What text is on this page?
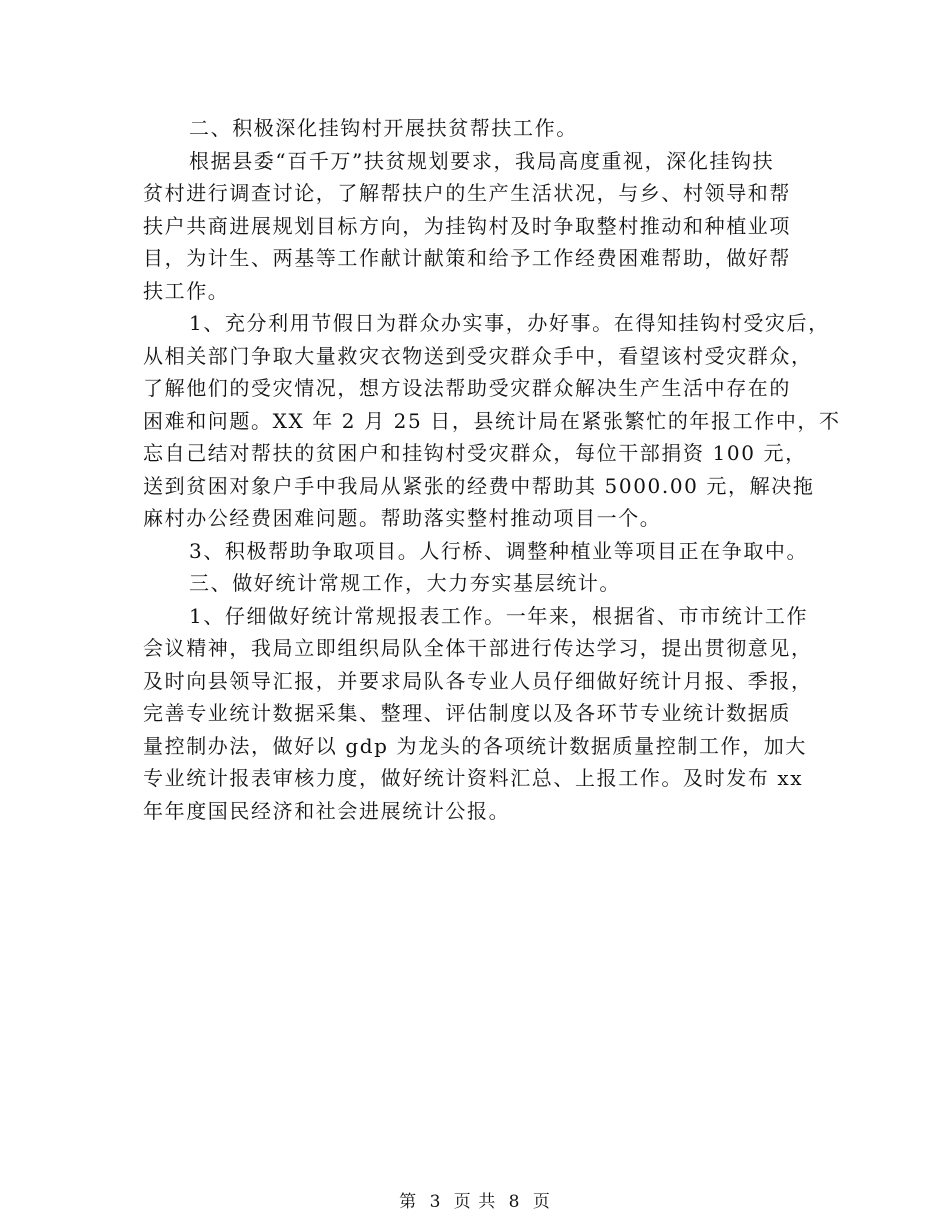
二、积极深化挂钩村开展扶贫帮扶工作。
根据县委“百千万”扶贫规划要求，我局高度重视，深化挂钩扶
贫村进行调查讨论，了解帮扶户的生产生活状况，与乡、村领导和帮
扶户共商进展规划目标方向，为挂钩村及时争取整村推动和种植业项
目，为计生、两基等工作献计献策和给予工作经费困难帮助，做好帮
扶工作。
1、充分利用节假日为群众办实事，办好事。在得知挂钩村受灾后，
从相关部门争取大量救灾衣物送到受灾群众手中，看望该村受灾群众，
了解他们的受灾情况，想方设法帮助受灾群众解决生产生活中存在的
困难和问题。XX 年 2 月 25 日，县统计局在紧张繁忙的年报工作中，不
忘自己结对帮扶的贫困户和挂钩村受灾群众，每位干部捐资 100 元，
送到贫困对象户手中我局从紧张的经费中帮助其 5000.00 元，解决拖
麻村办公经费困难问题。帮助落实整村推动项目一个。
3、积极帮助争取项目。人行桥、调整种植业等项目正在争取中。
三、做好统计常规工作，大力夯实基层统计。
1、仔细做好统计常规报表工作。一年来，根据省、市市统计工作
会议精神，我局立即组织局队全体干部进行传达学习，提出贯彻意见，
及时向县领导汇报，并要求局队各专业人员仔细做好统计月报、季报，
完善专业统计数据采集、整理、评估制度以及各环节专业统计数据质
量控制办法，做好以 gdp 为龙头的各项统计数据质量控制工作，加大
专业统计报表审核力度，做好统计资料汇总、上报工作。及时发布 xx
年年度国民经济和社会进展统计公报。
第 3 页 共 8 页
